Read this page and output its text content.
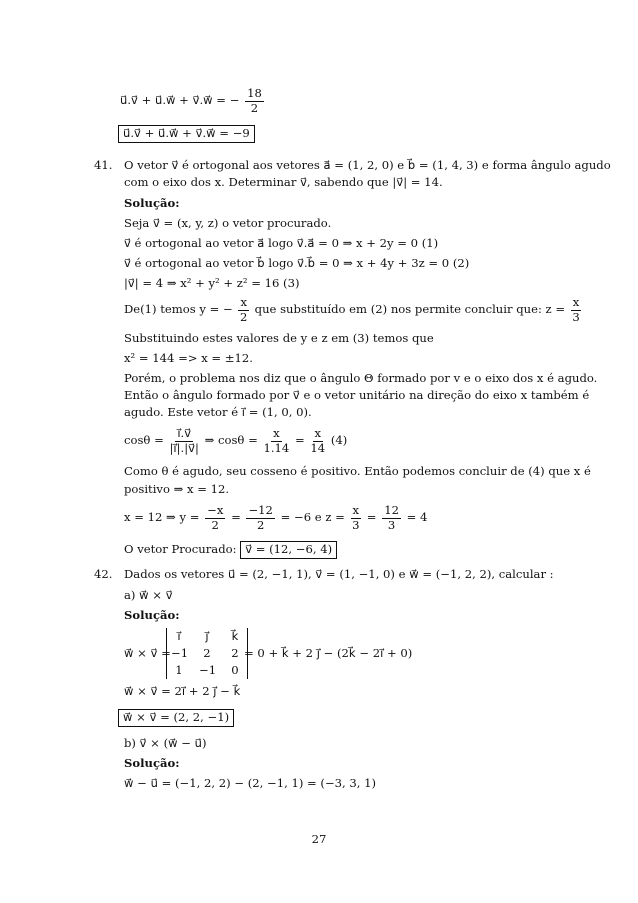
u⃗.v⃗ + u⃗.w⃗ + v⃗.w⃗ = − $\frac{18}{2}$
u⃗.v⃗ + u⃗.w⃗ + v⃗.w⃗ = −9
41. O vetor v⃗ é ortogonal aos vetores a⃗ = (1, 2, 0) e b⃗ = (1, 4, 3) e forma ângulo agudo
com o eixo dos x. Determinar v⃗, sabendo que |v⃗| = 14.
Solução:
Seja v⃗ = (x, y, z) o vetor procurado.
v⃗ é ortogonal ao vetor a⃗ logo v⃗.a⃗ = 0 ⇒ x + 2y = 0 (1)
v⃗ é ortogonal ao vetor b⃗ logo v⃗.b⃗ = 0 ⇒ x + 4y + 3z = 0 (2)
|v⃗| = 4 ⇒ x² + y² + z² = 16 (3)
De(1) temos y = − $\frac{x}{2}$ que substituído em (2) nos permite concluir que: $z = \frac{x}{3}$
Substituindo estes valores de y e z em (3) temos que
x² = 144 => x = ±12.
Porém, o problema nos diz que o ângulo Θ formado por v e o eixo dos x é agudo.
Então o ângulo formado por v⃗ e o vetor unitário na direção do eixo x também é
agudo. Este vetor é i⃗ = (1, 0, 0).
$\cos\theta = \frac{i⃗.v⃗}{|i⃗|.|v⃗|}$ ⇒ $\cos\theta = \frac{x}{1.14} = \frac{x}{14} (4)$
Como θ é agudo, seu cosseno é positivo. Então podemos concluir de (4) que x é
positivo ⇒ x = 12.
x = 12 ⇒ $y = \frac{-x}{2} = \frac{-12}{2} = -6$ e $z = \frac{x}{3} = \frac{12}{3} = 4$
O vetor Procurado: v⃗ = (12, −6, 4)
42. Dados os vetores u⃗ = (2, −1, 1), v⃗ = (1, −1, 0) e w⃗ = (−1, 2, 2), calcular :
a) w⃗ × v⃗
Solução:
w⃗ × v⃗ =
i⃗	j⃗	k⃗
−1	2	2
1	−1	0
= 0 + k⃗ + 2 j⃗ − (2k⃗ − 2i⃗ + 0)
w⃗ × v⃗ = 2i⃗ + 2 j⃗ − k⃗
w⃗ × v⃗ = (2, 2, −1)
b) v⃗ × (w⃗ − u⃗)
Solução:
w⃗ − u⃗ = (−1, 2, 2) − (2, −1, 1) = (−3, 3, 1)
27
